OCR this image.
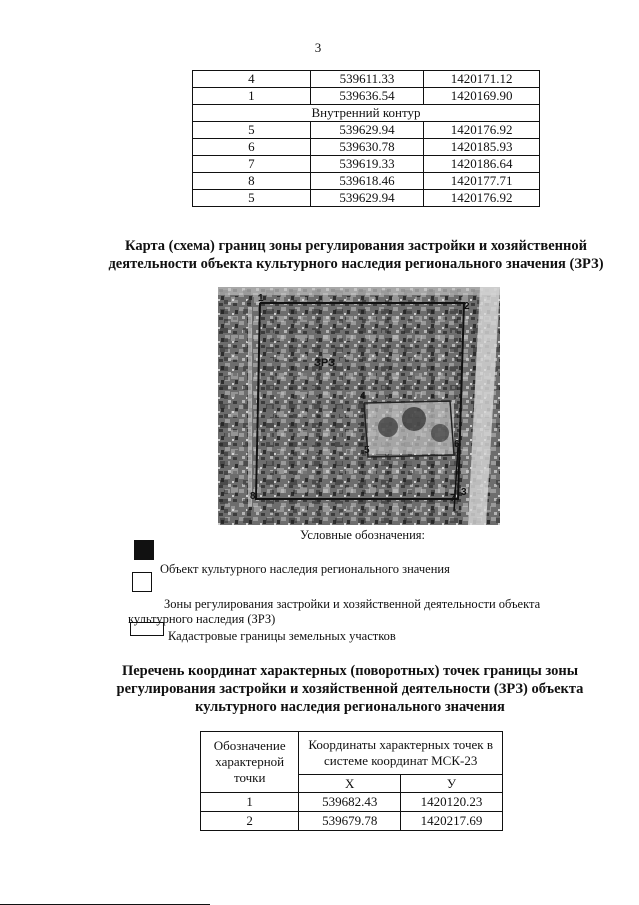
3
4	539611.33	1420171.12
1	539636.54	1420169.90
Внутренний контур		
5	539629.94	1420176.92
6	539630.78	1420185.93
7	539619.33	1420186.64
8	539618.46	1420177.71
5	539629.94	1420176.92
Карта (схема) границ зоны регулирования застройки и хозяйственной деятельности объекта культурного наследия регионального значения (ЗРЗ)
ЗРЗ
1
2
3
4
5
6
7
8
Условные обозначения:
Объект культурного наследия регионального значения
Зоны регулирования застройки и хозяйственной деятельности объекта культурного наследия (ЗРЗ)
Кадастровые границы земельных участков
Перечень координат характерных (поворотных) точек границы зоны регулирования застройки и хозяйственной деятельности (ЗРЗ) объекта культурного наследия регионального значения
Обозначение характерной точки	Координаты характерных точек в системе координат МСК-23	
	X	У
1	539682.43	1420120.23
2	539679.78	1420217.69
